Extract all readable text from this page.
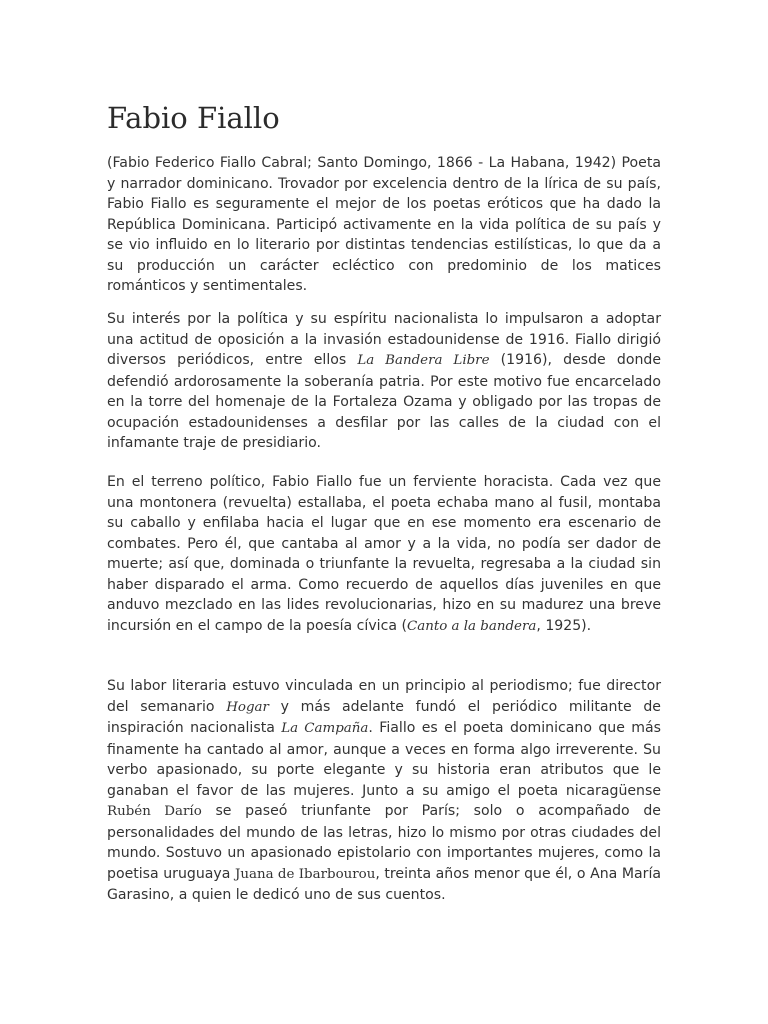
Fabio Fiallo

(Fabio Federico Fiallo Cabral; Santo Domingo, 1866 - La Habana, 1942) Poeta y narrador dominicano. Trovador por excelencia dentro de la lírica de su país, Fabio Fiallo es seguramente el mejor de los poetas eróticos que ha dado la República Dominicana. Participó activamente en la vida política de su país y se vio influido en lo literario por distintas tendencias estilísticas, lo que da a su producción un carácter ecléctico con predominio de los matices románticos y sentimentales.

Su interés por la política y su espíritu nacionalista lo impulsaron a adoptar una actitud de oposición a la invasión estadounidense de 1916. Fiallo dirigió diversos periódicos, entre ellos La Bandera Libre (1916), desde donde defendió ardorosamente la soberanía patria. Por este motivo fue encarcelado en la torre del homenaje de la Fortaleza Ozama y obligado por las tropas de ocupación estadounidenses a desfilar por las calles de la ciudad con el infamante traje de presidiario.

En el terreno político, Fabio Fiallo fue un ferviente horacista. Cada vez que una montonera (revuelta) estallaba, el poeta echaba mano al fusil, montaba su caballo y enfilaba hacia el lugar que en ese momento era escenario de combates. Pero él, que cantaba al amor y a la vida, no podía ser dador de muerte; así que, dominada o triunfante la revuelta, regresaba a la ciudad sin haber disparado el arma. Como recuerdo de aquellos días juveniles en que anduvo mezclado en las lides revolucionarias, hizo en su madurez una breve incursión en el campo de la poesía cívica (Canto a la bandera, 1925).

Su labor literaria estuvo vinculada en un principio al periodismo; fue director del semanario Hogar y más adelante fundó el periódico militante de inspiración nacionalista La Campaña. Fiallo es el poeta dominicano que más finamente ha cantado al amor, aunque a veces en forma algo irreverente. Su verbo apasionado, su porte elegante y su historia eran atributos que le ganaban el favor de las mujeres. Junto a su amigo el poeta nicaragüense Rubén Darío se paseó triunfante por París; solo o acompañado de personalidades del mundo de las letras, hizo lo mismo por otras ciudades del mundo. Sostuvo un apasionado epistolario con importantes mujeres, como la poetisa uruguaya Juana de Ibarbourou, treinta años menor que él, o Ana María Garasino, a quien le dedicó uno de sus cuentos.
